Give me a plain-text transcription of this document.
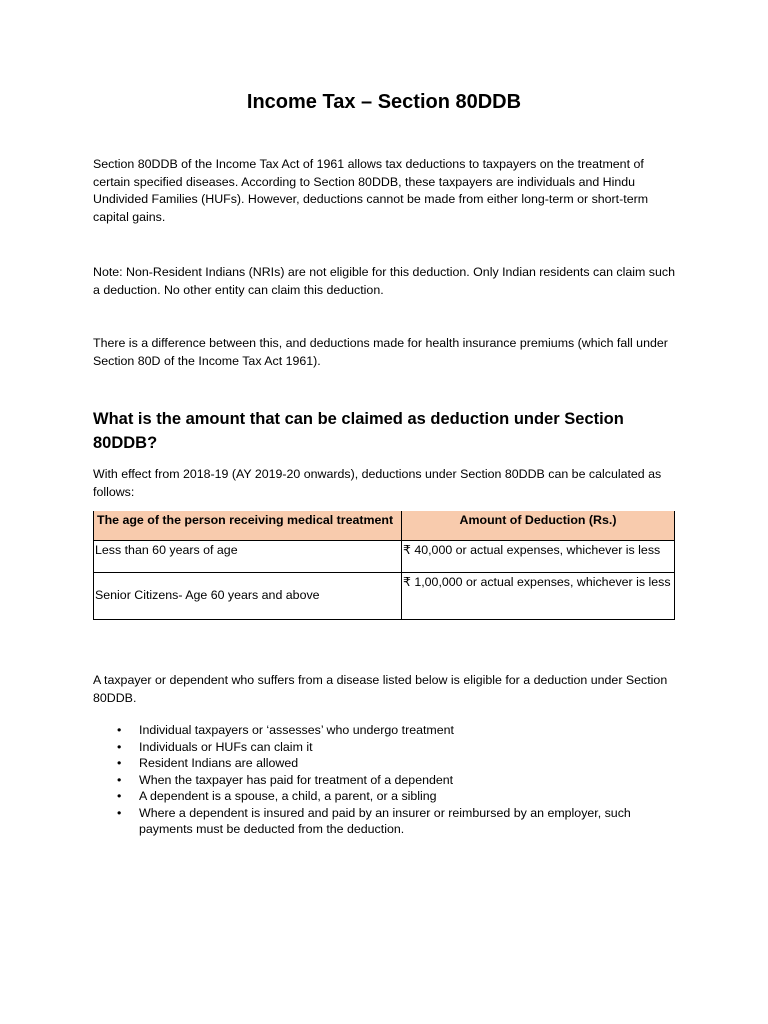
Income Tax – Section 80DDB

Section 80DDB of the Income Tax Act of 1961 allows tax deductions to taxpayers on the treatment of certain specified diseases. According to Section 80DDB, these taxpayers are individuals and Hindu Undivided Families (HUFs). However, deductions cannot be made from either long-term or short-term capital gains.

Note: Non-Resident Indians (NRIs) are not eligible for this deduction. Only Indian residents can claim such a deduction. No other entity can claim this deduction.

There is a difference between this, and deductions made for health insurance premiums (which fall under Section 80D of the Income Tax Act 1961).

What is the amount that can be claimed as deduction under Section 80DDB?

With effect from 2018-19 (AY 2019-20 onwards), deductions under Section 80DDB can be calculated as follows:

The age of the person receiving medical treatment	Amount of Deduction (Rs.)
Less than 60 years of age	₹ 40,000 or actual expenses, whichever is less
Senior Citizens- Age 60 years and above	₹ 1,00,000 or actual expenses, whichever is less

A taxpayer or dependent who suffers from a disease listed below is eligible for a deduction under Section 80DDB.

• Individual taxpayers or ‘assesses’ who undergo treatment
• Individuals or HUFs can claim it
• Resident Indians are allowed
• When the taxpayer has paid for treatment of a dependent
• A dependent is a spouse, a child, a parent, or a sibling
• Where a dependent is insured and paid by an insurer or reimbursed by an employer, such payments must be deducted from the deduction.
